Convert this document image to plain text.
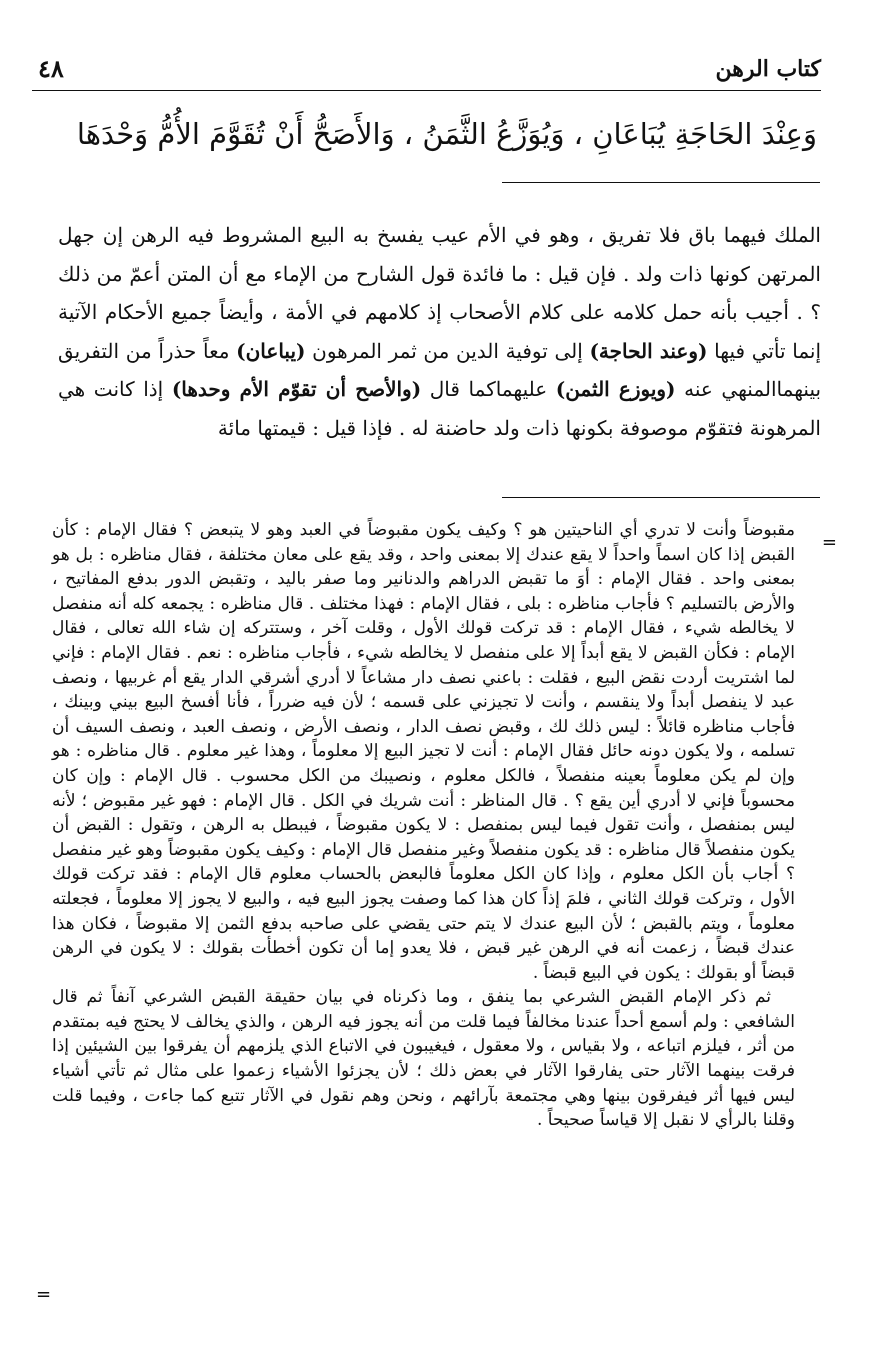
٤٨	كتاب الرهن
وَعِنْدَ الحَاجَةِ يُبَاعَانِ ، وَيُوَزَّعُ الثَّمَنُ ، وَالأَصَحُّ أَنْ تُقَوَّمَ الأُمُّ وَحْدَهَا
الملك فيهما باق فلا تفريق ، وهو في الأم عيب يفسخ به البيع المشروط فيه الرهن إن جهل المرتهن كونها ذات ولد . فإن قيل : ما فائدة قول الشارح من الإماء مع أن المتن أعمّ من ذلك ؟ . أجيب بأنه حمل كلامه على كلام الأصحاب إذ كلامهم في الأمة ، وأيضاً جميع الأحكام الآتية إنما تأتي فيها (وعند الحاجة) إلى توفية الدين من ثمر المرهون (يباعان) معاً حذراً من التفريق بينهماالمنهي عنه (ويوزع الثمن) عليهماكما قال (والأصح أن تقوّم الأم وحدها) إذا كانت هي المرهونة فتقوّم موصوفة بكونها ذات ولد حاضنة له . فإذا قيل : قيمتها مائة
=

مقبوضاً وأنت لا تدري أي الناحيتين هو ؟ وكيف يكون مقبوضاً في العبد وهو لا يتبعض ؟ فقال الإمام : كأن القبض إذا كان اسماً واحداً لا يقع عندك إلا بمعنى واحد ، وقد يقع على معان مختلفة ، فقال مناظره : بل هو بمعنى واحد . فقال الإمام : أوَ ما تقبض الدراهم والدنانير وما صفر باليد ، وتقبض الدور بدفع المفاتيح ، والأرض بالتسليم ؟ فأجاب مناظره : بلى ، فقال الإمام : فهذا مختلف . قال مناظره : يجمعه كله أنه منفصل لا يخالطه شيء ، فقال الإمام : قد تركت قولك الأول ، وقلت آخر ، وستتركه إن شاء الله تعالى ، فقال الإمام : فكأن القبض لا يقع أبداً إلا على منفصل لا يخالطه شيء ، فأجاب مناظره : نعم . فقال الإمام : فإني لما اشتريت أردت نقض البيع ، فقلت : باعني نصف دار مشاعاً لا أدري أشرقي الدار يقع أم غربيها ، ونصف عبد لا ينفصل أبداً ولا ينقسم ، وأنت لا تجيزني على قسمه ؛ لأن فيه ضرراً ، فأنا أفسخ البيع بيني وبينك ، فأجاب مناظره قائلاً : ليس ذلك لك ، وقبض نصف الدار ، ونصف الأرض ، ونصف العبد ، ونصف السيف أن تسلمه ، ولا يكون دونه حائل فقال الإمام : أنت لا تجيز البيع إلا معلوماً ، وهذا غير معلوم . قال مناظره : هو وإن لم يكن معلوماً بعينه منفصلاً ، فالكل معلوم ، ونصيبك من الكل محسوب . قال الإمام : وإن كان محسوباً فإني لا أدري أين يقع ؟ . قال المناظر : أنت شريك في الكل . قال الإمام : فهو غير مقبوض ؛ لأنه ليس بمنفصل ، وأنت تقول فيما ليس بمنفصل : لا يكون مقبوضاً ، فيبطل به الرهن ، وتقول : القبض أن يكون منفصلاً قال مناظره : قد يكون منفصلاً وغير منفصل قال الإمام : وكيف يكون مقبوضاً وهو غير منفصل ؟ أجاب بأن الكل معلوم ، وإذا كان الكل معلوماً فالبعض بالحساب معلوم قال الإمام : فقد تركت قولك الأول ، وتركت قولك الثاني ، فلمَ إذاً كان هذا كما وصفت يجوز البيع فيه ، والبيع لا يجوز إلا معلوماً ، فجعلته معلوماً ، ويتم بالقبض ؛ لأن البيع عندك لا يتم حتى يقضي على صاحبه بدفع الثمن إلا مقبوضاً ، فكان هذا عندك قبضاً ، زعمت أنه في الرهن غير قبض ، فلا يعدو إما أن تكون أخطأت بقولك : لا يكون في الرهن قبضاً أو بقولك : يكون في البيع قبضاً .

ثم ذكر الإمام القبض الشرعي بما ينفق ، وما ذكرناه في بيان حقيقة القبض الشرعي آنفاً ثم قال الشافعي : ولم أسمع أحداً عندنا مخالفاً فيما قلت من أنه يجوز فيه الرهن ، والذي يخالف لا يحتج فيه بمتقدم من أثر ، فيلزم اتباعه ، ولا بقياس ، ولا معقول ، فيغيبون في الاتباع الذي يلزمهم أن يفرقوا بين الشيئين إذا فرقت بينهما الآثار حتى يفارقوا الآثار في بعض ذلك ؛ لأن يجزئوا الأشياء زعموا على مثال ثم تأتي أشياء ليس فيها أثر فيفرقون بينها وهي مجتمعة بآرائهم ، ونحن وهم نقول في الآثار تتبع كما جاءت ، وفيما قلت وقلنا بالرأي لا نقبل إلا قياساً صحيحاً .

=
